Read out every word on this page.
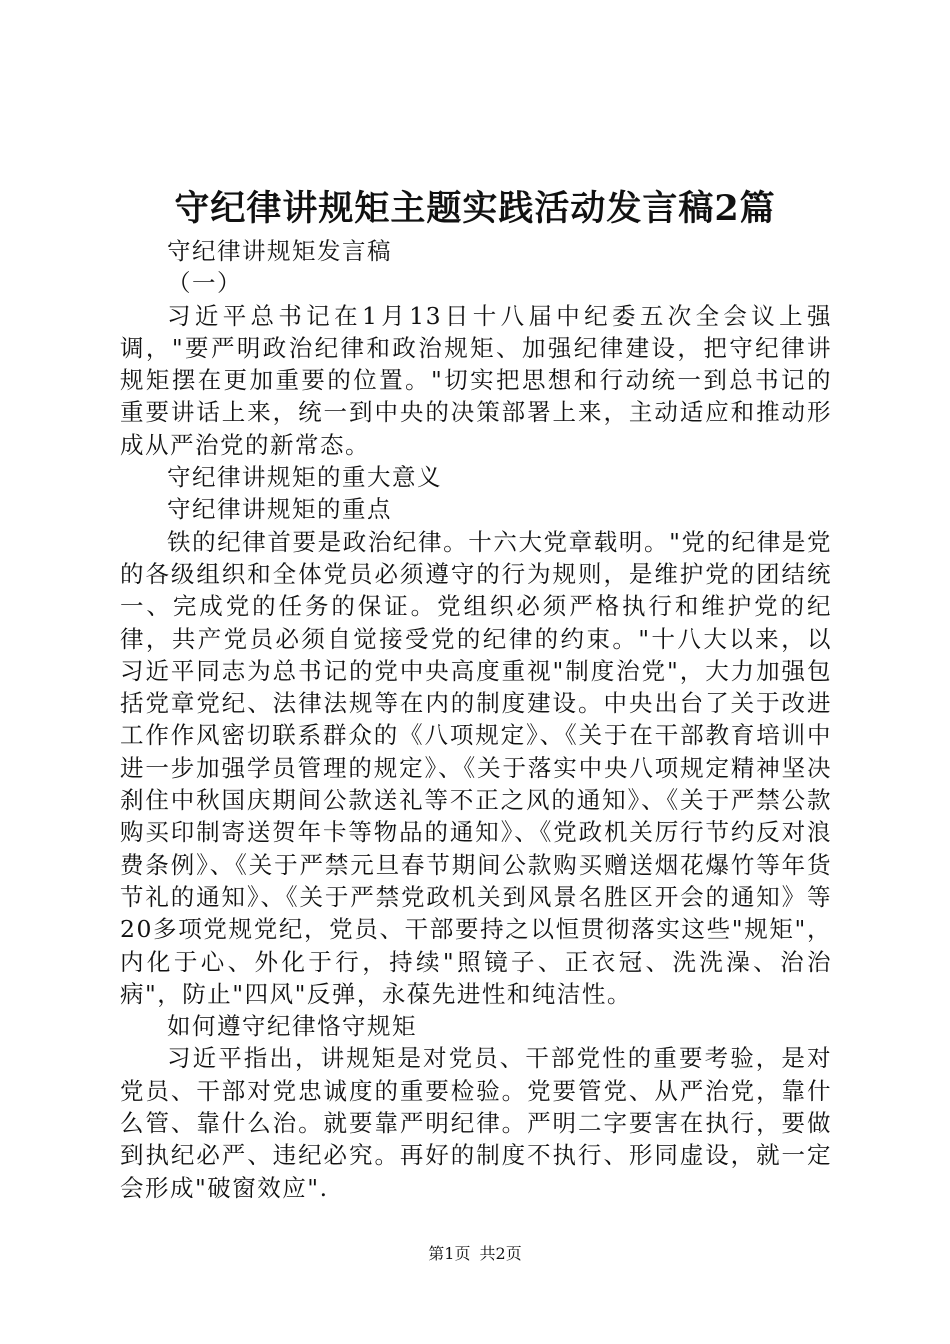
守纪律讲规矩主题实践活动发言稿2篇

守纪律讲规矩发言稿

（一）

习近平总书记在1月13日十八届中纪委五次全会议上强调，"要严明政治纪律和政治规矩、加强纪律建设，把守纪律讲规矩摆在更加重要的位置。"切实把思想和行动统一到总书记的重要讲话上来，统一到中央的决策部署上来，主动适应和推动形成从严治党的新常态。

守纪律讲规矩的重大意义

守纪律讲规矩的重点

铁的纪律首要是政治纪律。十六大党章载明。"党的纪律是党的各级组织和全体党员必须遵守的行为规则，是维护党的团结统一、完成党的任务的保证。党组织必须严格执行和维护党的纪律，共产党员必须自觉接受党的纪律的约束。"十八大以来，以习近平同志为总书记的党中央高度重视"制度治党"，大力加强包括党章党纪、法律法规等在内的制度建设。中央出台了关于改进工作作风密切联系群众的《八项规定》、《关于在干部教育培训中进一步加强学员管理的规定》、《关于落实中央八项规定精神坚决刹住中秋国庆期间公款送礼等不正之风的通知》、《关于严禁公款购买印制寄送贺年卡等物品的通知》、《党政机关厉行节约反对浪费条例》、《关于严禁元旦春节期间公款购买赠送烟花爆竹等年货节礼的通知》、《关于严禁党政机关到风景名胜区开会的通知》等20多项党规党纪，党员、干部要持之以恒贯彻落实这些"规矩"，内化于心、外化于行，持续"照镜子、正衣冠、洗洗澡、治治病"，防止"四风"反弹，永葆先进性和纯洁性。

如何遵守纪律恪守规矩

习近平指出，讲规矩是对党员、干部党性的重要考验，是对党员、干部对党忠诚度的重要检验。党要管党、从严治党，靠什么管、靠什么治。就要靠严明纪律。严明二字要害在执行，要做到执纪必严、违纪必究。再好的制度不执行、形同虚设，就一定会形成"破窗效应".

第1页 共2页
